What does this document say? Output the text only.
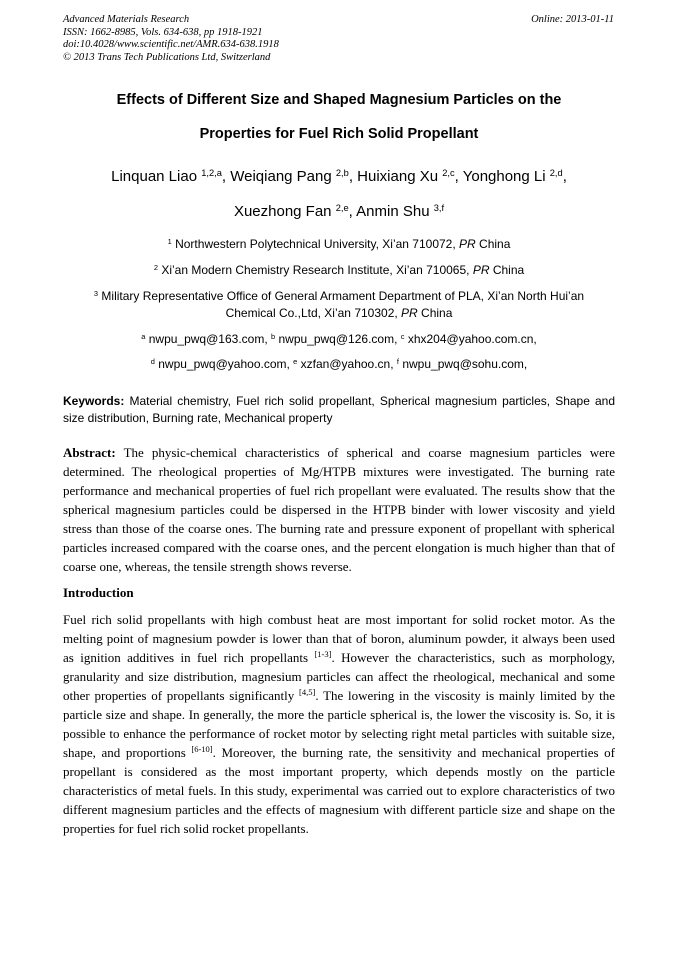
Advanced Materials Research
ISSN: 1662-8985, Vols. 634-638, pp 1918-1921
doi:10.4028/www.scientific.net/AMR.634-638.1918
© 2013 Trans Tech Publications Ltd, Switzerland
Online: 2013-01-11
Effects of Different Size and Shaped Magnesium Particles on the
Properties for Fuel Rich Solid Propellant
Linquan Liao $^{1,2,a}$, Weiqiang Pang $^{2,b}$, Huixiang Xu $^{2,c}$, Yonghong Li $^{2,d}$,
Xuezhong Fan $^{2,e}$, Anmin Shu $^{3,f}$
$^1$ Northwestern Polytechnical University, Xi’an 710072, PR China
$^2$ Xi’an Modern Chemistry Research Institute, Xi’an 710065, PR China
$^3$ Military Representative Office of General Armament Department of PLA, Xi’an North Hui’an
Chemical Co.,Ltd, Xi’an 710302, PR China
$^a$ nwpu_pwq@163.com, $^b$ nwpu_pwq@126.com, $^c$ xhx204@yahoo.com.cn,
$^d$ nwpu_pwq@yahoo.com, $^e$ xzfan@yahoo.cn, $^f$ nwpu_pwq@sohu.com,
Keywords: Material chemistry, Fuel rich solid propellant, Spherical magnesium particles, Shape and size distribution, Burning rate, Mechanical property
Abstract: The physic-chemical characteristics of spherical and coarse magnesium particles were determined. The rheological properties of Mg/HTPB mixtures were investigated. The burning rate performance and mechanical properties of fuel rich propellant were evaluated. The results show that the spherical magnesium particles could be dispersed in the HTPB binder with lower viscosity and yield stress than those of the coarse ones. The burning rate and pressure exponent of propellant with spherical particles increased compared with the coarse ones, and the percent elongation is much higher than that of coarse one, whereas, the tensile strength shows reverse.
Introduction
Fuel rich solid propellants with high combust heat are most important for solid rocket motor. As the melting point of magnesium powder is lower than that of boron, aluminum powder, it always been used as ignition additives in fuel rich propellants [1-3]. However the characteristics, such as morphology, granularity and size distribution, magnesium particles can affect the rheological, mechanical and some other properties of propellants significantly [4,5]. The lowering in the viscosity is mainly limited by the particle size and shape. In generally, the more the particle spherical is, the lower the viscosity is. So, it is possible to enhance the performance of rocket motor by selecting right metal particles with suitable size, shape, and proportions [6-10]. Moreover, the burning rate, the sensitivity and mechanical properties of propellant is considered as the most important property, which depends mostly on the particle characteristics of metal fuels. In this study, experimental was carried out to explore characteristics of two different magnesium particles and the effects of magnesium with different particle size and shape on the properties for fuel rich solid rocket propellants.
